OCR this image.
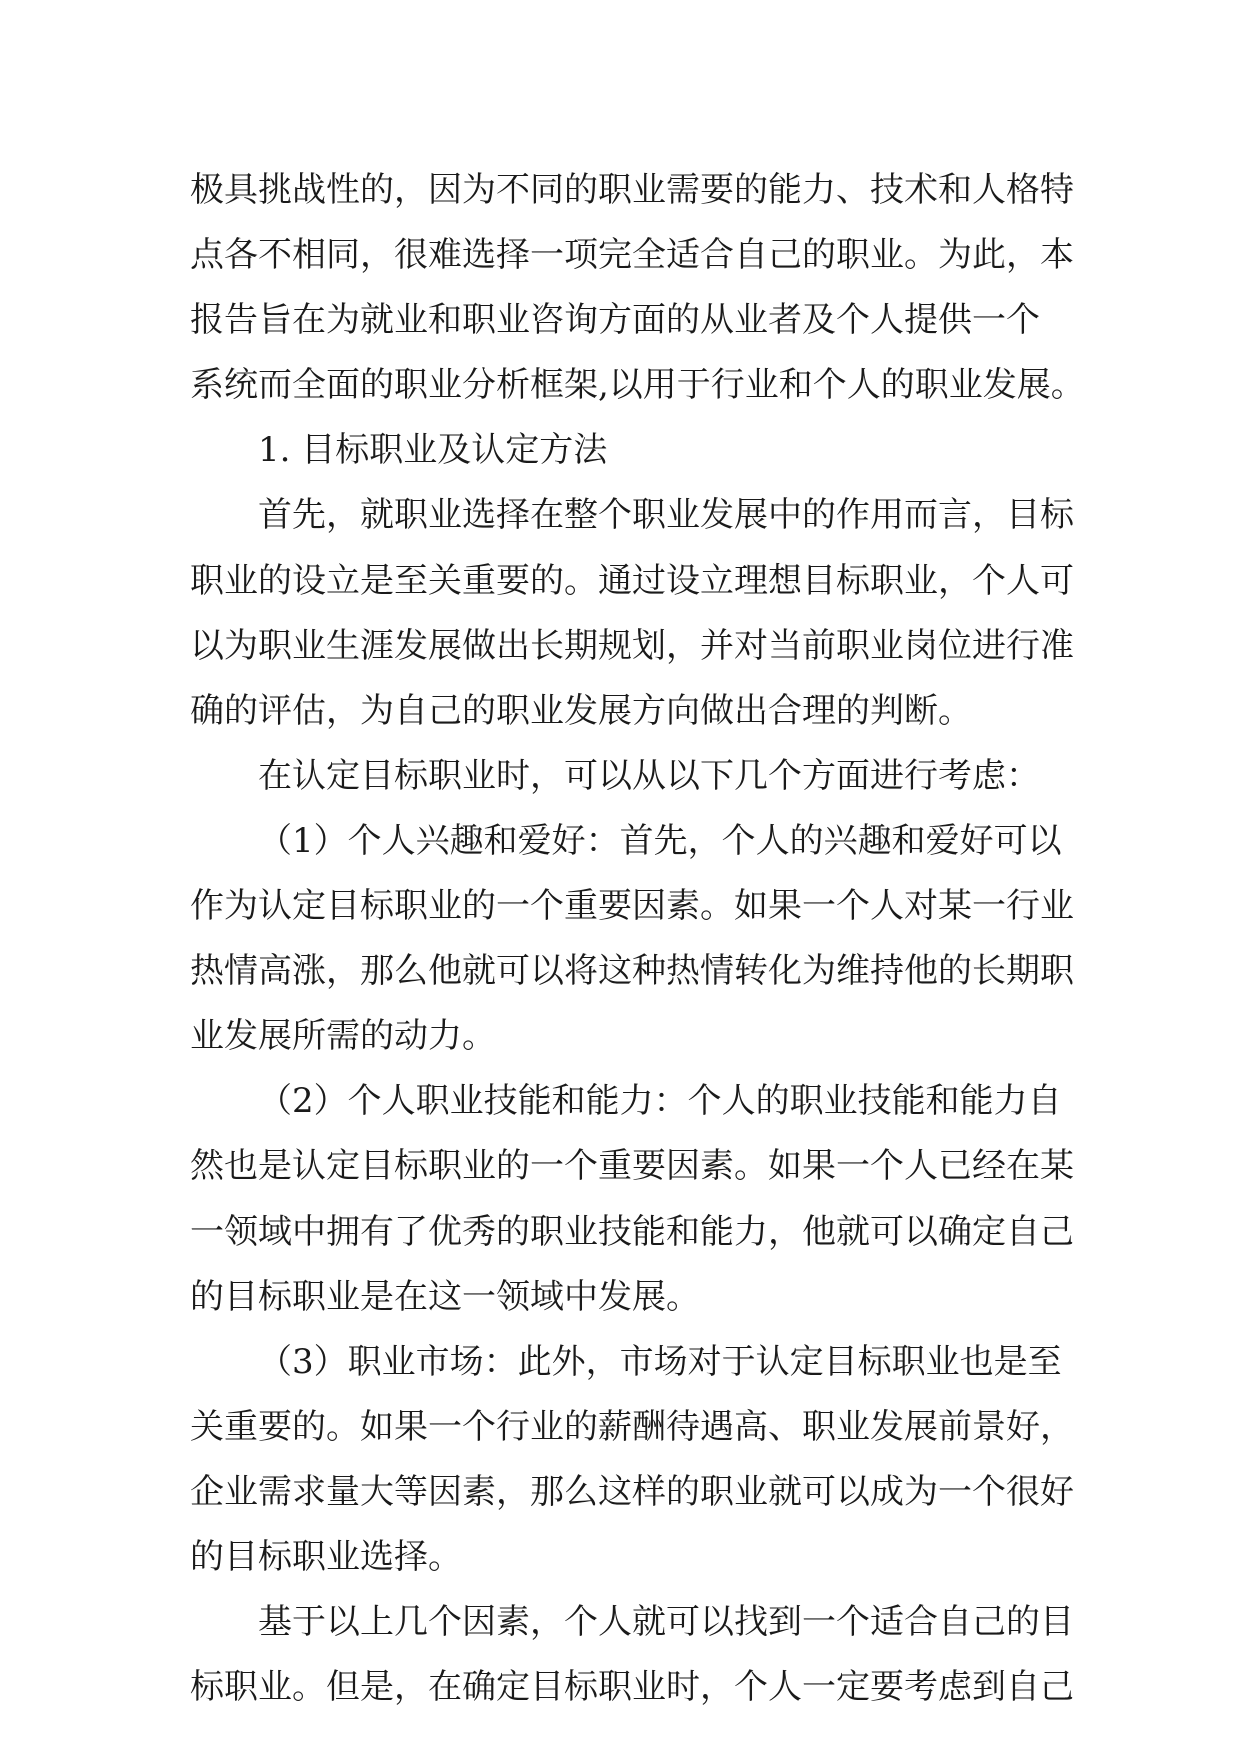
极具挑战性的，因为不同的职业需要的能力、技术和人格特
点各不相同，很难选择一项完全适合自己的职业。为此，本
报告旨在为就业和职业咨询方面的从业者及个人提供一个
系统而全面的职业分析框架,以用于行业和个人的职业发展。
1. 目标职业及认定方法
首先，就职业选择在整个职业发展中的作用而言，目标
职业的设立是至关重要的。通过设立理想目标职业，个人可
以为职业生涯发展做出长期规划，并对当前职业岗位进行准
确的评估，为自己的职业发展方向做出合理的判断。
在认定目标职业时，可以从以下几个方面进行考虑：
（1）个人兴趣和爱好：首先，个人的兴趣和爱好可以
作为认定目标职业的一个重要因素。如果一个人对某一行业
热情高涨，那么他就可以将这种热情转化为维持他的长期职
业发展所需的动力。
（2）个人职业技能和能力：个人的职业技能和能力自
然也是认定目标职业的一个重要因素。如果一个人已经在某
一领域中拥有了优秀的职业技能和能力，他就可以确定自己
的目标职业是在这一领域中发展。
（3）职业市场：此外，市场对于认定目标职业也是至
关重要的。如果一个行业的薪酬待遇高、职业发展前景好，
企业需求量大等因素，那么这样的职业就可以成为一个很好
的目标职业选择。
基于以上几个因素，个人就可以找到一个适合自己的目
标职业。但是，在确定目标职业时，个人一定要考虑到自己
